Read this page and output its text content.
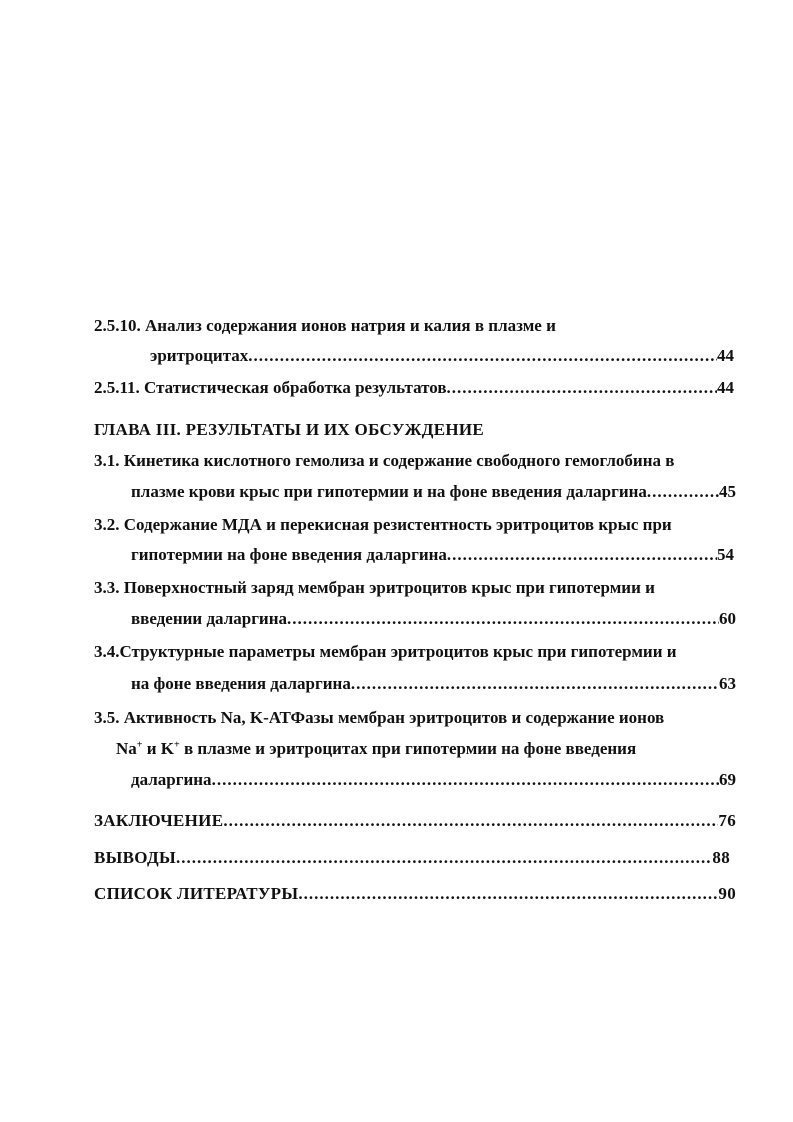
2.5.10. Анализ содержания ионов натрия и калия в плазме и
эритроцитах .....	44
2.5.11. Статистическая обработка результатов .....	44
ГЛАВА III. РЕЗУЛЬТАТЫ И ИХ ОБСУЖДЕНИЕ
3.1. Кинетика кислотного гемолиза и содержание свободного гемоглобина в
плазме крови крыс при гипотермии и на фоне введения даларгина .....	45
3.2. Содержание МДА и перекисная резистентность эритроцитов крыс при
гипотермии на фоне введения даларгина .....	54
3.3. Поверхностный заряд мембран эритроцитов крыс при гипотермии и
введении даларгина .....	60
3.4.Структурные параметры мембран эритроцитов крыс при гипотермии и
на фоне введения даларгина .....	63
3.5. Активность Na, K-АТФазы мембран эритроцитов и содержание ионов
Na+ и K+ в плазме и эритроцитах при гипотермии на фоне введения
даларгина .....	69
ЗАКЛЮЧЕНИЕ .....	76
ВЫВОДЫ .....	88
СПИСОК ЛИТЕРАТУРЫ .....	90
